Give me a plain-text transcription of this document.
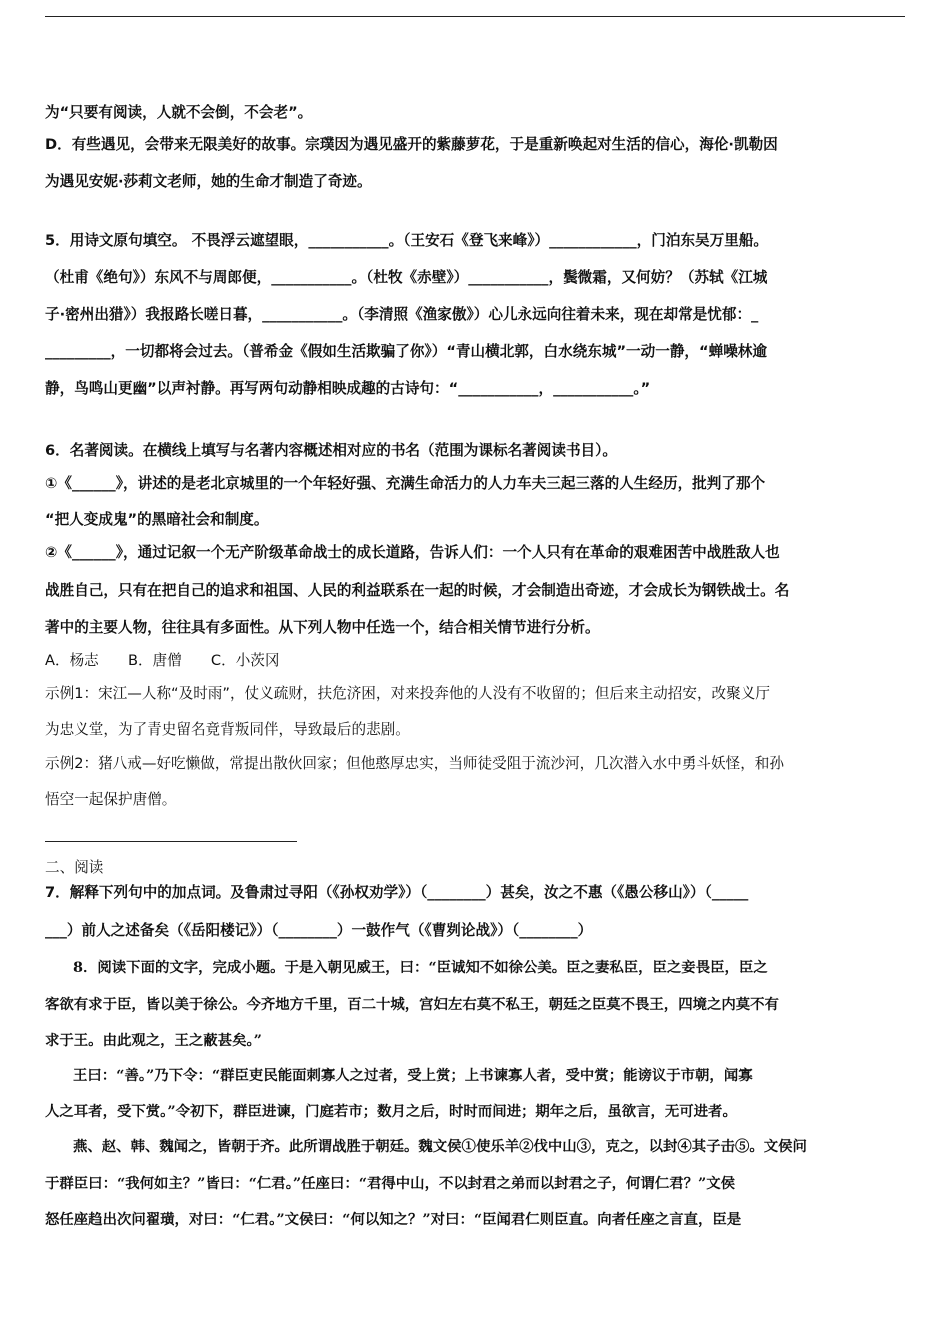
为“只要有阅读，人就不会倒，不会老”。
D．有些遇见，会带来无限美好的故事。宗璞因为遇见盛开的紫藤萝花，于是重新唤起对生活的信心，海伦·凯勒因
为遇见安妮·莎莉文老师，她的生命才制造了奇迹。
5．用诗文原句填空。 不畏浮云遮望眼，___________。（王安石《登飞来峰》）____________，门泊东吴万里船。
（杜甫《绝句》）东风不与周郎便，___________。（杜牧《赤壁》）___________，鬓微霜，又何妨？（苏轼《江城
子·密州出猎》）我报路长嗟日暮，___________。（李清照《渔家傲》）心儿永远向往着未来，现在却常是忧郁：_
_________，一切都将会过去。（普希金《假如生活欺骗了你》）“青山横北郭，白水绕东城”一动一静，“蝉噪林逾
静，鸟鸣山更幽”以声衬静。再写两句动静相映成趣的古诗句：“___________，___________。”
6．名著阅读。在横线上填写与名著内容概述相对应的书名（范围为课标名著阅读书目）。
①《______》，讲述的是老北京城里的一个年轻好强、充满生命活力的人力车夫三起三落的人生经历，批判了那个
“把人变成鬼”的黑暗社会和制度。
②《______》，通过记叙一个无产阶级革命战士的成长道路，告诉人们：一个人只有在革命的艰难困苦中战胜敌人也
战胜自己，只有在把自己的追求和祖国、人民的利益联系在一起的时候，才会制造出奇迹，才会成长为钢铁战士。名
著中的主要人物，往往具有多面性。从下列人物中任选一个，结合相关情节进行分析。
A．杨志　　B．唐僧　　C．小茨冈
示例1：宋江—人称“及时雨”，仗义疏财，扶危济困，对来投奔他的人没有不收留的；但后来主动招安，改聚义厅
为忠义堂，为了青史留名竟背叛同伴，导致最后的悲剧。
示例2：猪八戒—好吃懒做，常提出散伙回家；但他憨厚忠实，当师徒受阻于流沙河，几次潜入水中勇斗妖怪，和孙
悟空一起保护唐僧。
二、阅读
7．解释下列句中的加点词。及鲁肃过寻阳（《孙权劝学》）（________）甚矣，汝之不惠（《愚公移山》）（_____
___）前人之述备矣（《岳阳楼记》）（________）一鼓作气（《曹刿论战》）（________）
8．阅读下面的文字，完成小题。于是入朝见威王，曰：“臣诚知不如徐公美。臣之妻私臣，臣之妾畏臣，臣之
客欲有求于臣，皆以美于徐公。今齐地方千里，百二十城，宫妇左右莫不私王，朝廷之臣莫不畏王，四境之内莫不有
求于王。由此观之，王之蔽甚矣。”
王曰：“善。”乃下令：“群臣吏民能面刺寡人之过者，受上赏；上书谏寡人者，受中赏；能谤议于市朝，闻寡
人之耳者，受下赏。”令初下，群臣进谏，门庭若市；数月之后，时时而间进；期年之后，虽欲言，无可进者。
燕、赵、韩、魏闻之，皆朝于齐。此所谓战胜于朝廷。魏文侯①使乐羊②伐中山③，克之，以封④其子击⑤。文侯问
于群臣曰：“我何如主？”皆曰：“仁君。”任座曰：“君得中山，不以封君之弟而以封君之子，何谓仁君？”文侯
怒任座趋出次问翟璜，对曰：“仁君。”文侯曰：“何以知之？”对曰：“臣闻君仁则臣直。向者任座之言直，臣是
